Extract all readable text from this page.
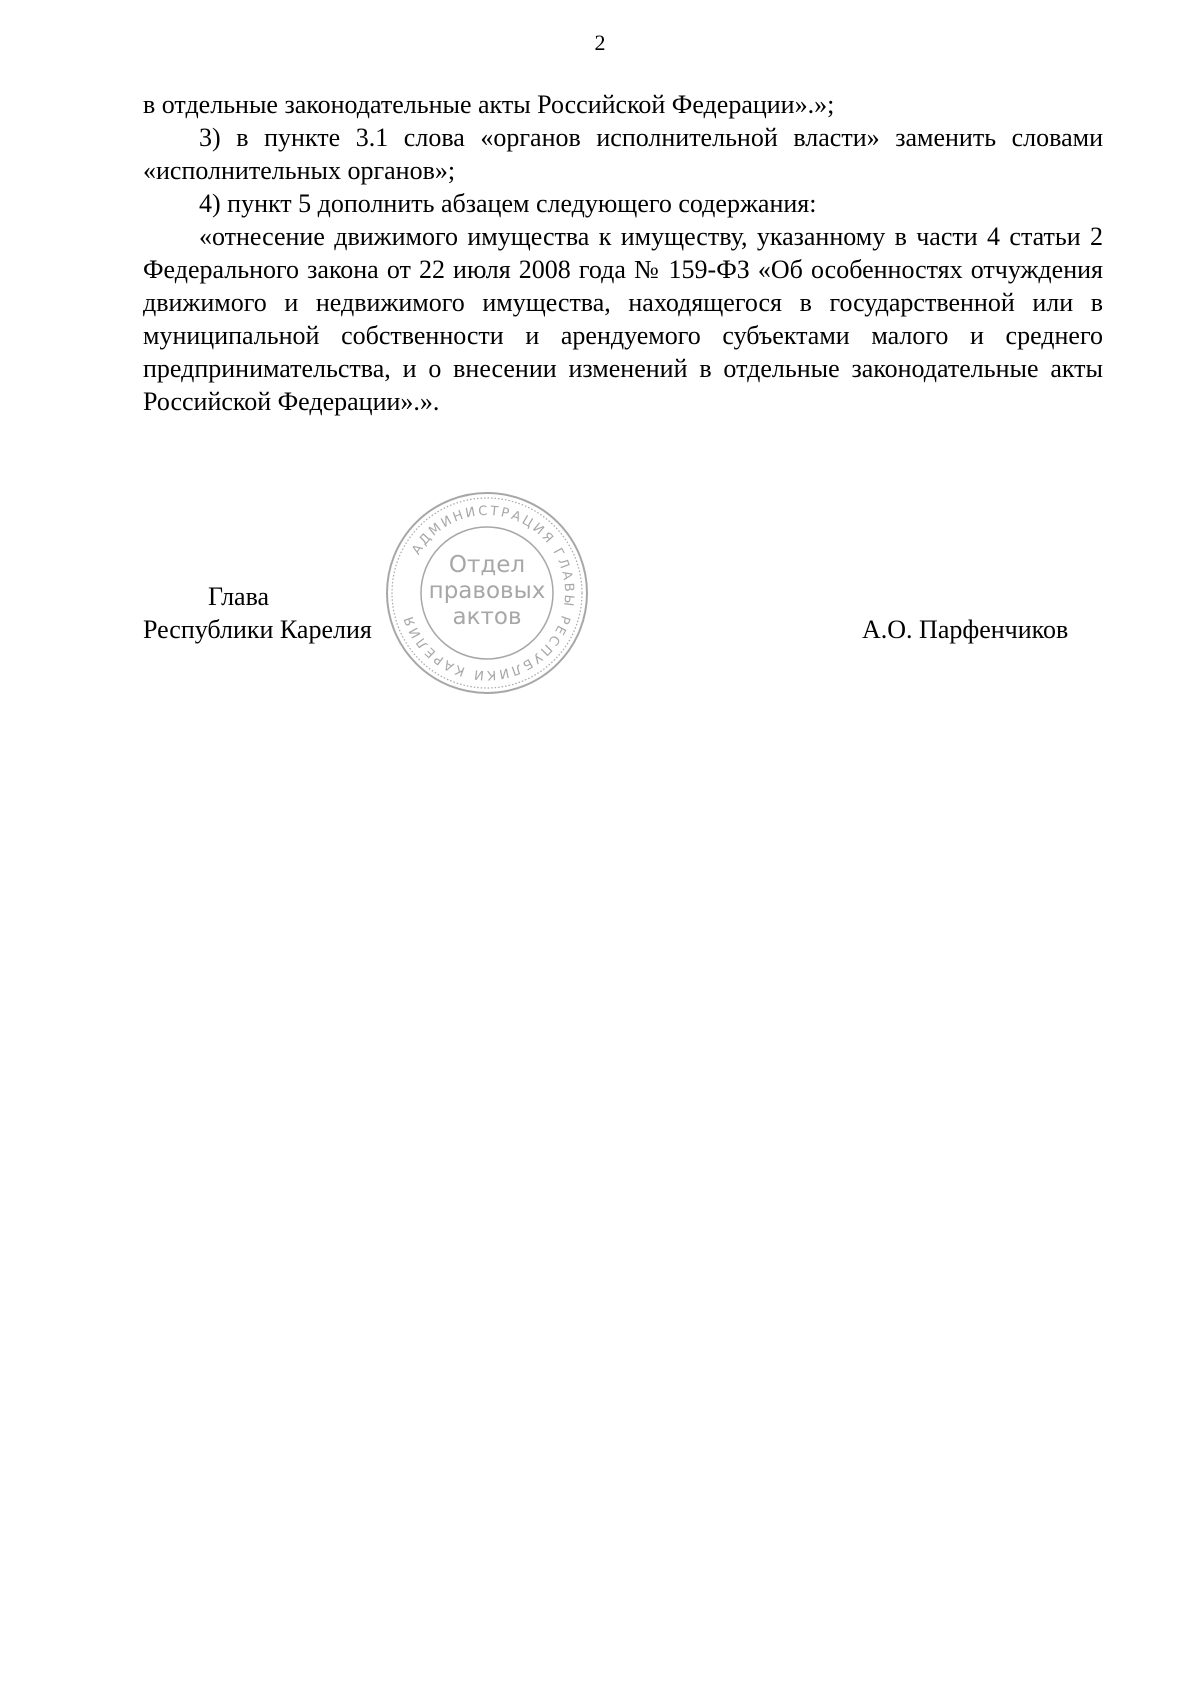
2

в отдельные законодательные акты Российской Федерации».»;

3) в пункте 3.1 слова «органов исполнительной власти» заменить словами «исполнительных органов»;

4) пункт 5 дополнить абзацем следующего содержания:

«отнесение движимого имущества к имуществу, указанному в части 4 статьи 2 Федерального закона от 22 июля 2008 года № 159-ФЗ «Об особенностях отчуждения движимого и недвижимого имущества, находящегося в государственной или в муниципальной собственности и арендуемого субъектами малого и среднего предпринимательства, и о внесении изменений в отдельные законодательные акты Российской Федерации».».

Глава
Республики Карелия	А.О. Парфенчиков
АДМИНИСТРАЦИЯ ГЛАВЫ РЕСПУБЛИКИ КАРЕЛИЯ
Отдел
правовых
актов
